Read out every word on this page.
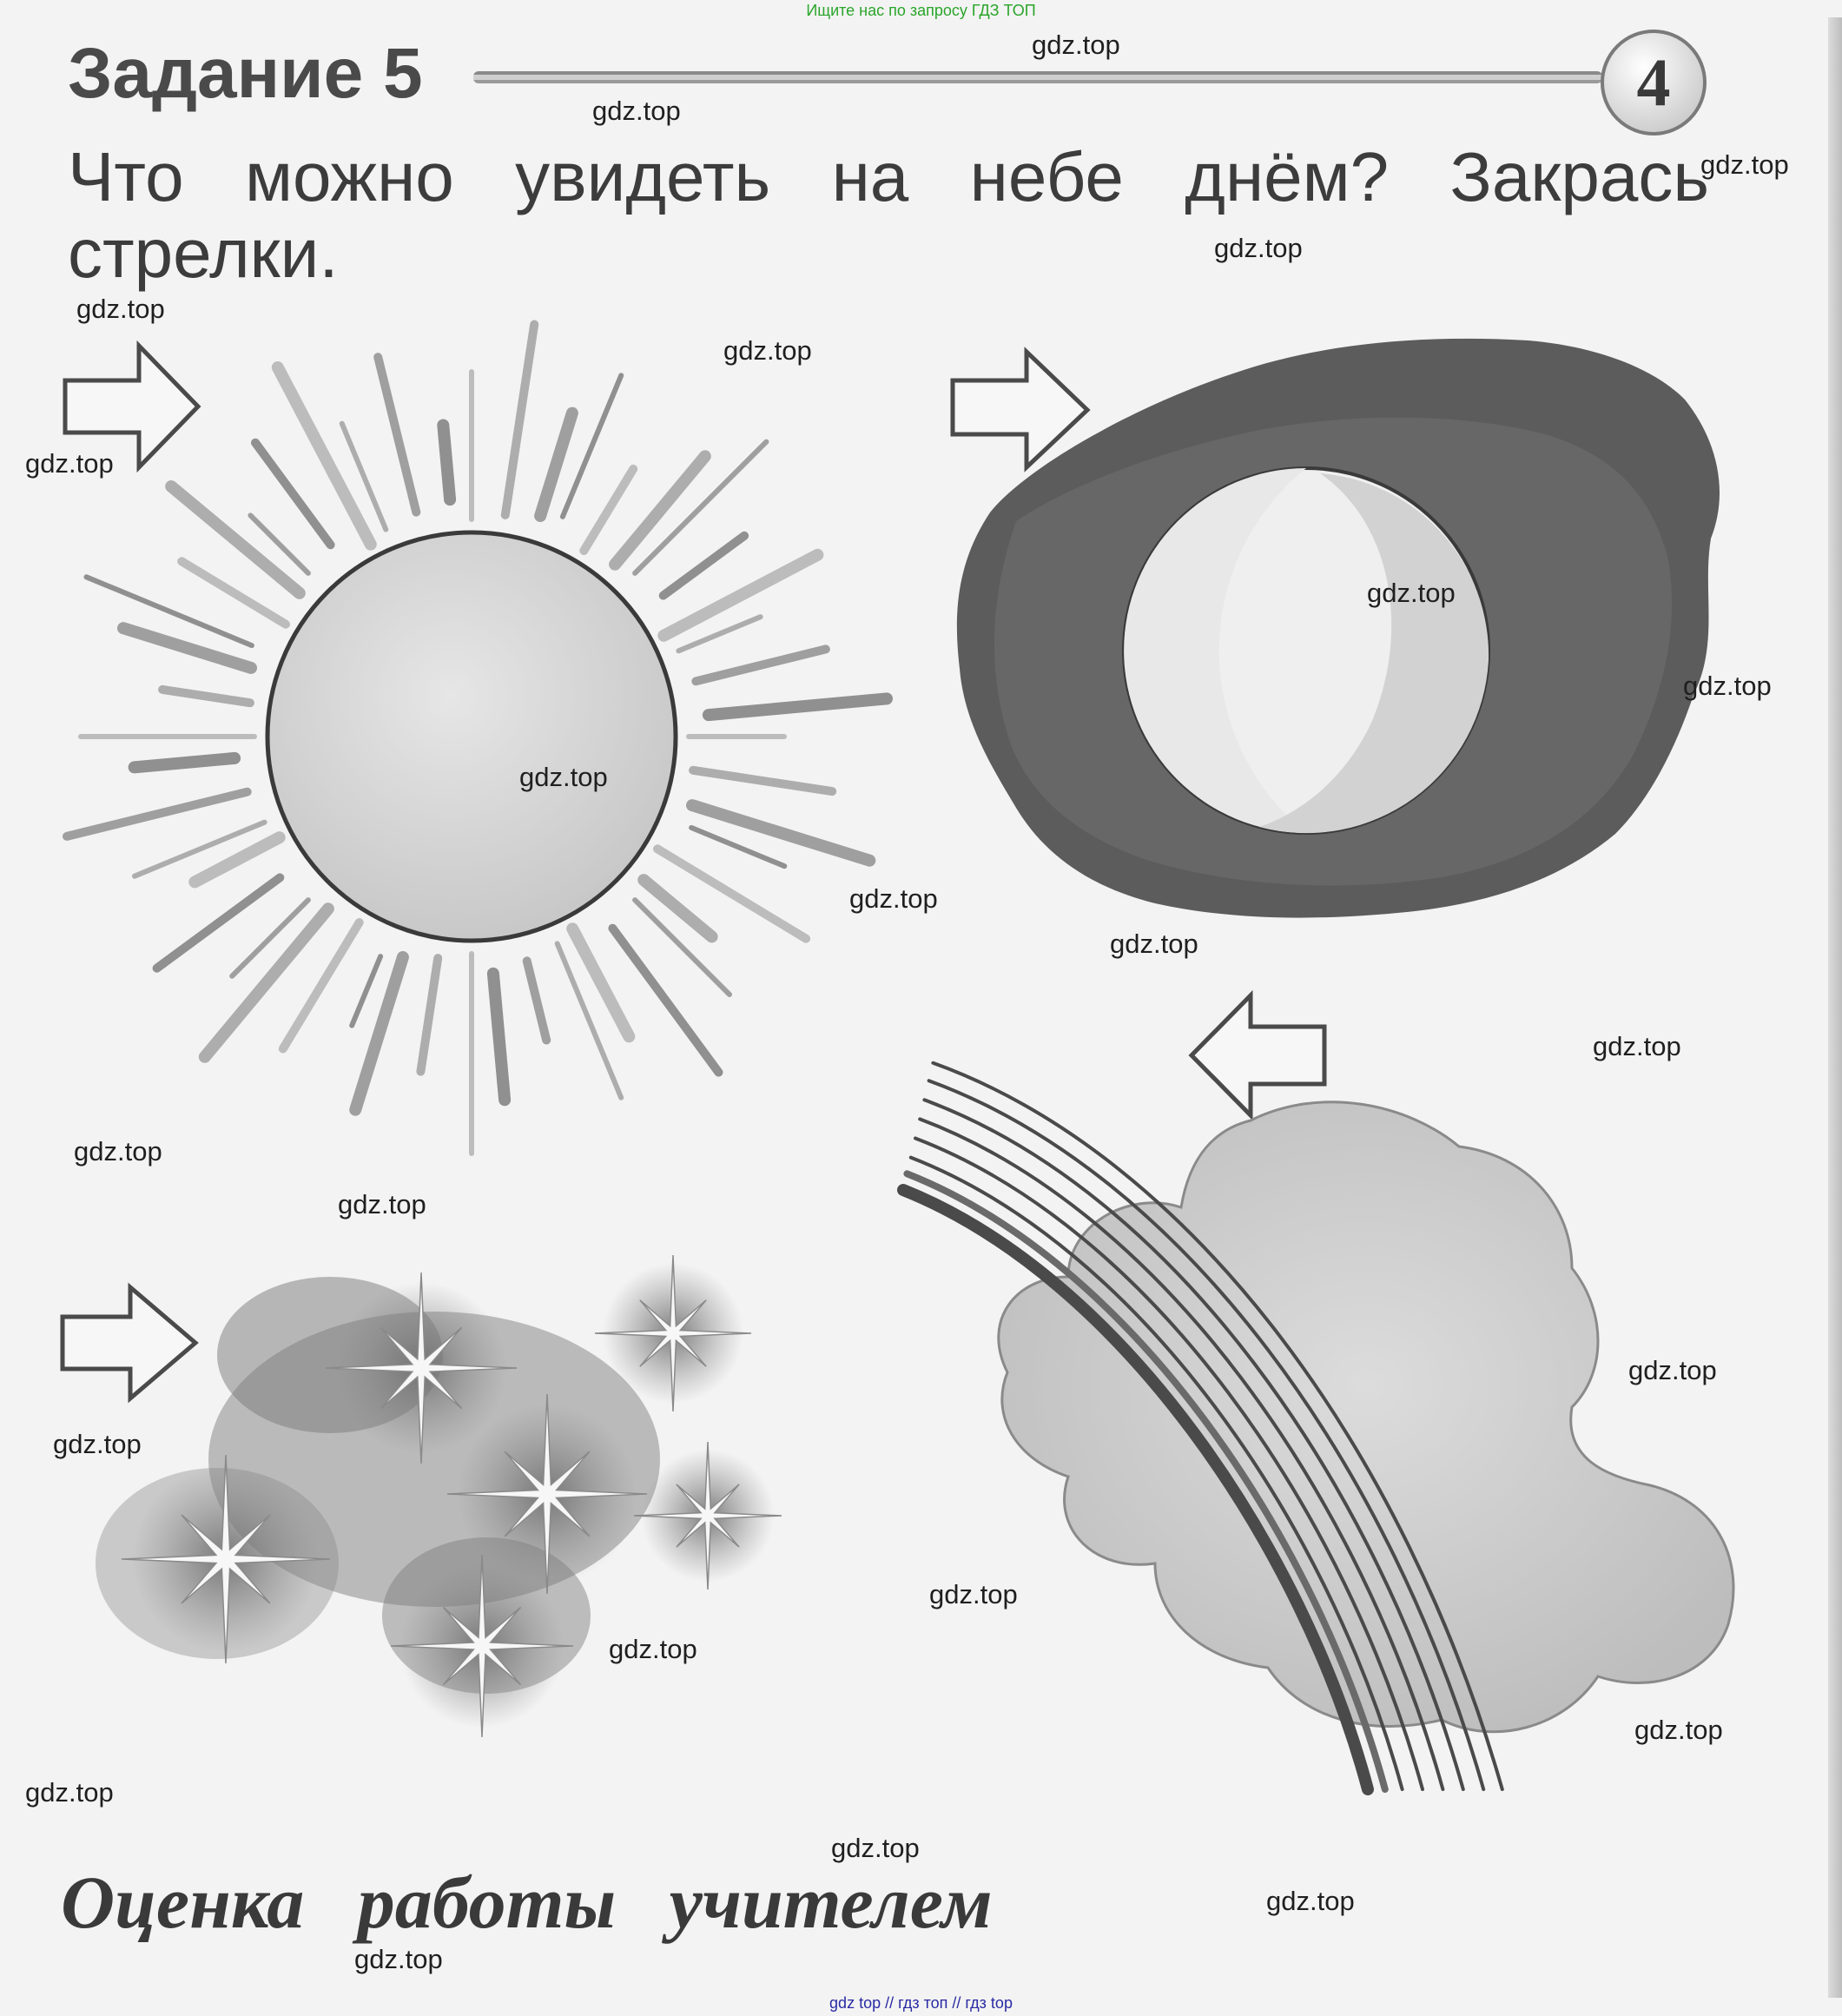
Ищите нас по запросу ГДЗ ТОП
Задание 5	4
Что можно увидеть на небе днём? Закрась стрелки.
Оценка работы учителем
gdz top // гдз топ // гдз top
gdz.top
gdz.top
gdz.top
gdz.top
gdz.top
gdz.top
gdz.top
gdz.top
gdz.top
gdz.top
gdz.top
gdz.top
gdz.top
gdz.top
gdz.top
gdz.top
gdz.top
gdz.top
gdz.top
gdz.top
gdz.top
gdz.top
gdz.top
gdz.top
